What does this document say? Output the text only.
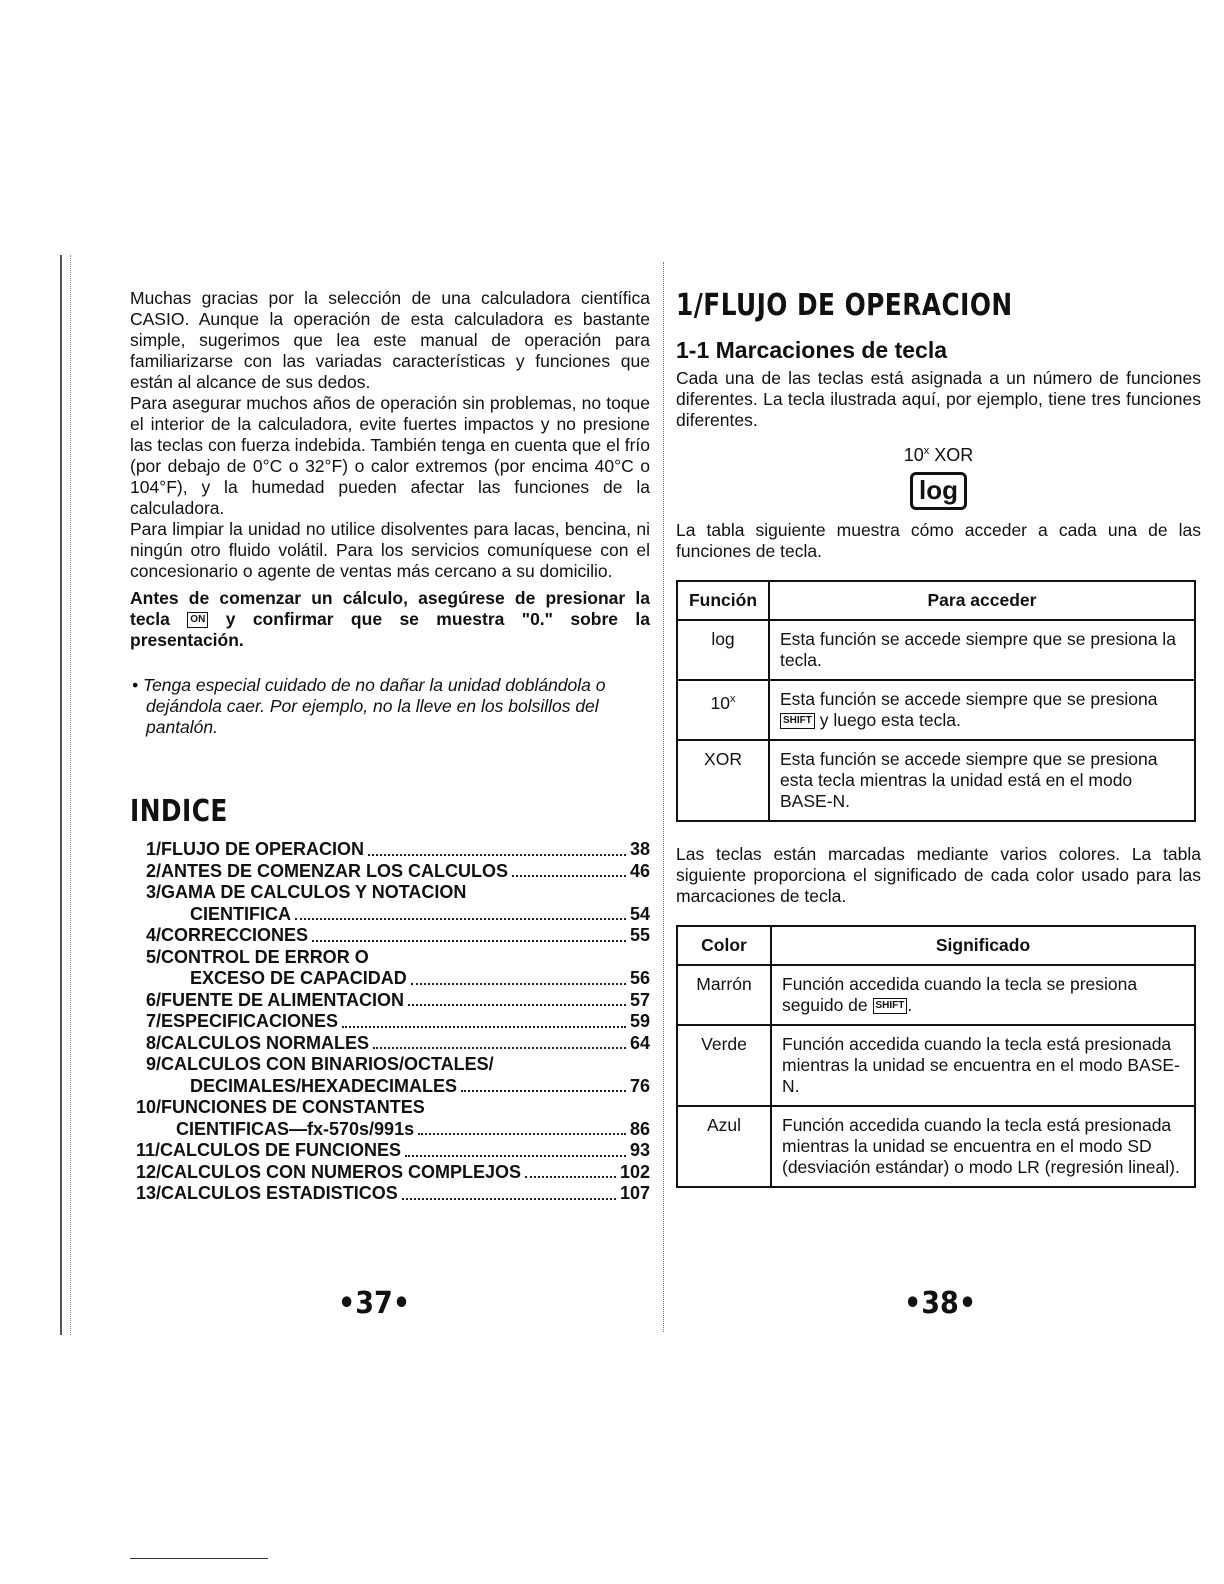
Muchas gracias por la selección de una calculadora científica CASIO. Aunque la operación de esta calculadora es bastante simple, sugerimos que lea este manual de operación para familiarizarse con las variadas características y funciones que están al alcance de sus dedos.

Para asegurar muchos años de operación sin problemas, no toque el interior de la calculadora, evite fuertes impactos y no presione las teclas con fuerza indebida. También tenga en cuenta que el frío (por debajo de 0°C o 32°F) o calor extremos (por encima 40°C o 104°F), y la humedad pueden afectar las funciones de la calculadora.

Para limpiar la unidad no utilice disolventes para lacas, bencina, ni ningún otro fluido volátil. Para los servicios comuníquese con el concesionario o agente de ventas más cercano a su domicilio.

Antes de comenzar un cálculo, asegúrese de presionar la tecla ON y confirmar que se muestra "0." sobre la presentación.

• Tenga especial cuidado de no dañar la unidad doblándola o dejándola caer. Por ejemplo, no la lleve en los bolsillos del pantalón.

INDICE
1/FLUJO DE OPERACION	38
2/ANTES DE COMENZAR LOS CALCULOS	46
3/GAMA DE CALCULOS Y NOTACION
CIENTIFICA	54
4/CORRECCIONES	55
5/CONTROL DE ERROR O
EXCESO DE CAPACIDAD	56
6/FUENTE DE ALIMENTACION	57
7/ESPECIFICACIONES	59
8/CALCULOS NORMALES	64
9/CALCULOS CON BINARIOS/OCTALES/
DECIMALES/HEXADECIMALES	76
10/FUNCIONES DE CONSTANTES
CIENTIFICAS—fx-570s/991s	86
11/CALCULOS DE FUNCIONES	93
12/CALCULOS CON NUMEROS COMPLEJOS	102
13/CALCULOS ESTADISTICOS	107
•37•
1/FLUJO DE OPERACION
1-1 Marcaciones de tecla

Cada una de las teclas está asignada a un número de funciones diferentes. La tecla ilustrada aquí, por ejemplo, tiene tres funciones diferentes.

10$^x$ XOR
log

La tabla siguiente muestra cómo acceder a cada una de las funciones de tecla.

Función	Para acceder
log	Esta función se accede siempre que se presiona la tecla.
10$^x$	Esta función se accede siempre que se presiona SHIFT y luego esta tecla.
XOR	Esta función se accede siempre que se presiona esta tecla mientras la unidad está en el modo BASE-N.

Las teclas están marcadas mediante varios colores. La tabla siguiente proporciona el significado de cada color usado para las marcaciones de tecla.

Color	Significado
Marrón	Función accedida cuando la tecla se presiona seguido de SHIFT .
Verde	Función accedida cuando la tecla está presionada mientras la unidad se encuentra en el modo BASE-N.
Azul	Función accedida cuando la tecla está presionada mientras la unidad se encuentra en el modo SD (desviación estándar) o modo LR (regresión lineal).
•38•
